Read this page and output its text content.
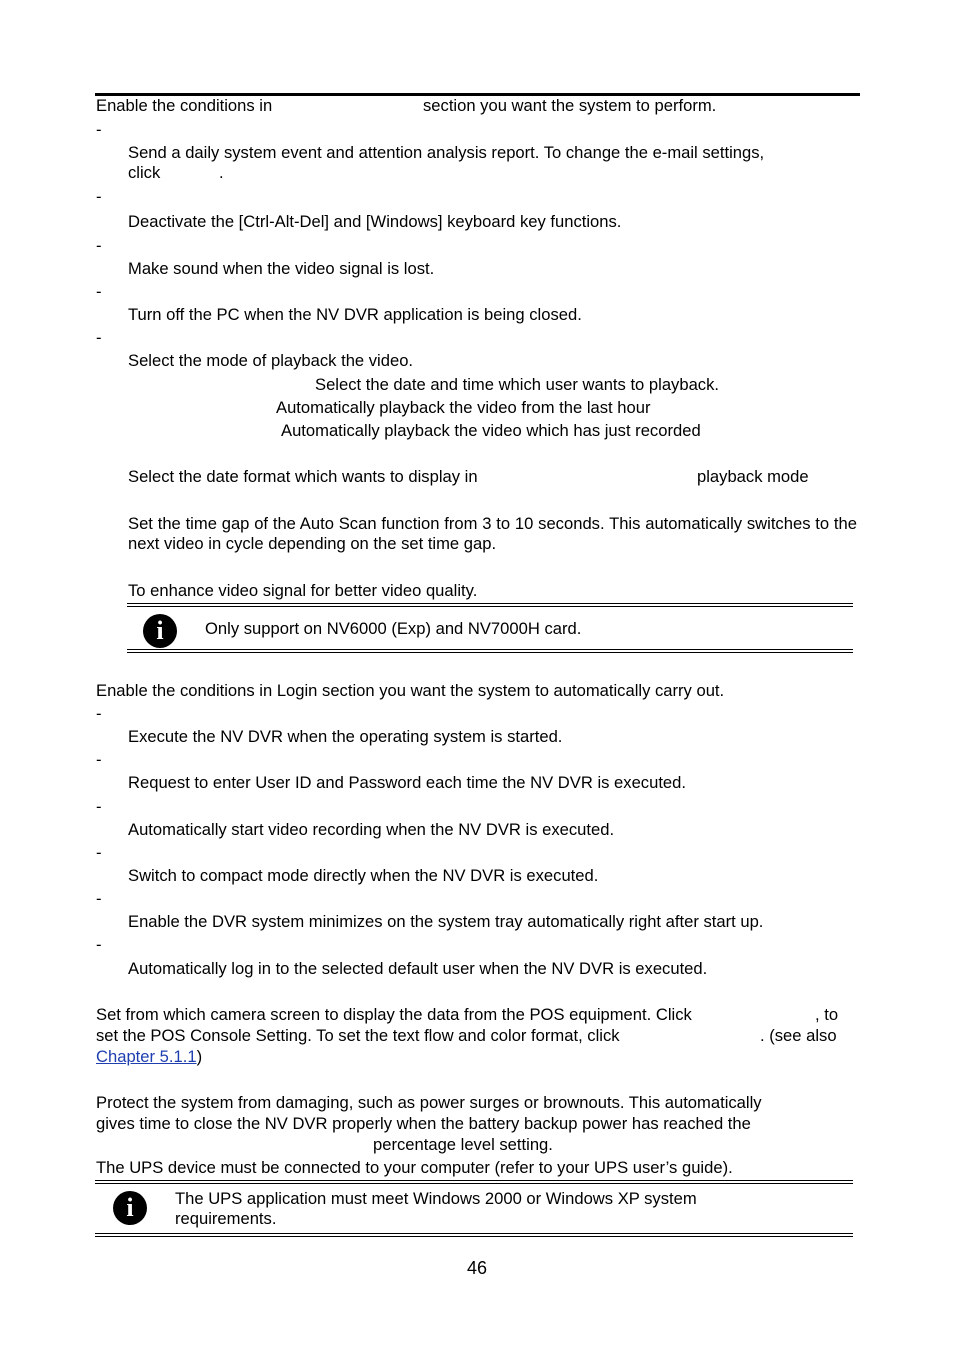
Enable the conditions in	section you want the system to perform.
-
Send a daily system event and attention analysis report. To change the e-mail settings,
click	.
-
Deactivate the [Ctrl-Alt-Del] and [Windows] keyboard key functions.
-
Make sound when the video signal is lost.
-
Turn off the PC when the NV DVR application is being closed.
-
Select the mode of playback the video.
Select the date and time which user wants to playback.
Automatically playback the video from the last hour
Automatically playback the video which has just recorded
Select the date format which wants to display in	playback mode
Set the time gap of the Auto Scan function from 3 to 10 seconds. This automatically switches to the next video in cycle depending on the set time gap.
To enhance video signal for better video quality.
i	Only support on NV6000 (Exp) and NV7000H card.
Enable the conditions in Login section you want the system to automatically carry out.
-
Execute the NV DVR when the operating system is started.
-
Request to enter User ID and Password each time the NV DVR is executed.
-
Automatically start video recording when the NV DVR is executed.
-
Switch to compact mode directly when the NV DVR is executed.
-
Enable the DVR system minimizes on the system tray automatically right after start up.
-
Automatically log in to the selected default user when the NV DVR is executed.
Set from which camera screen to display the data from the POS equipment. Click	, to
set the POS Console Setting. To set the text flow and color format, click	. (see also
Chapter 5.1.1)
Protect the system from damaging, such as power surges or brownouts. This automatically
gives time to close the NV DVR properly when the battery backup power has reached the
percentage level setting.
The UPS device must be connected to your computer (refer to your UPS user’s guide).
i	The UPS application must meet Windows 2000 or Windows XP system
requirements.
46
